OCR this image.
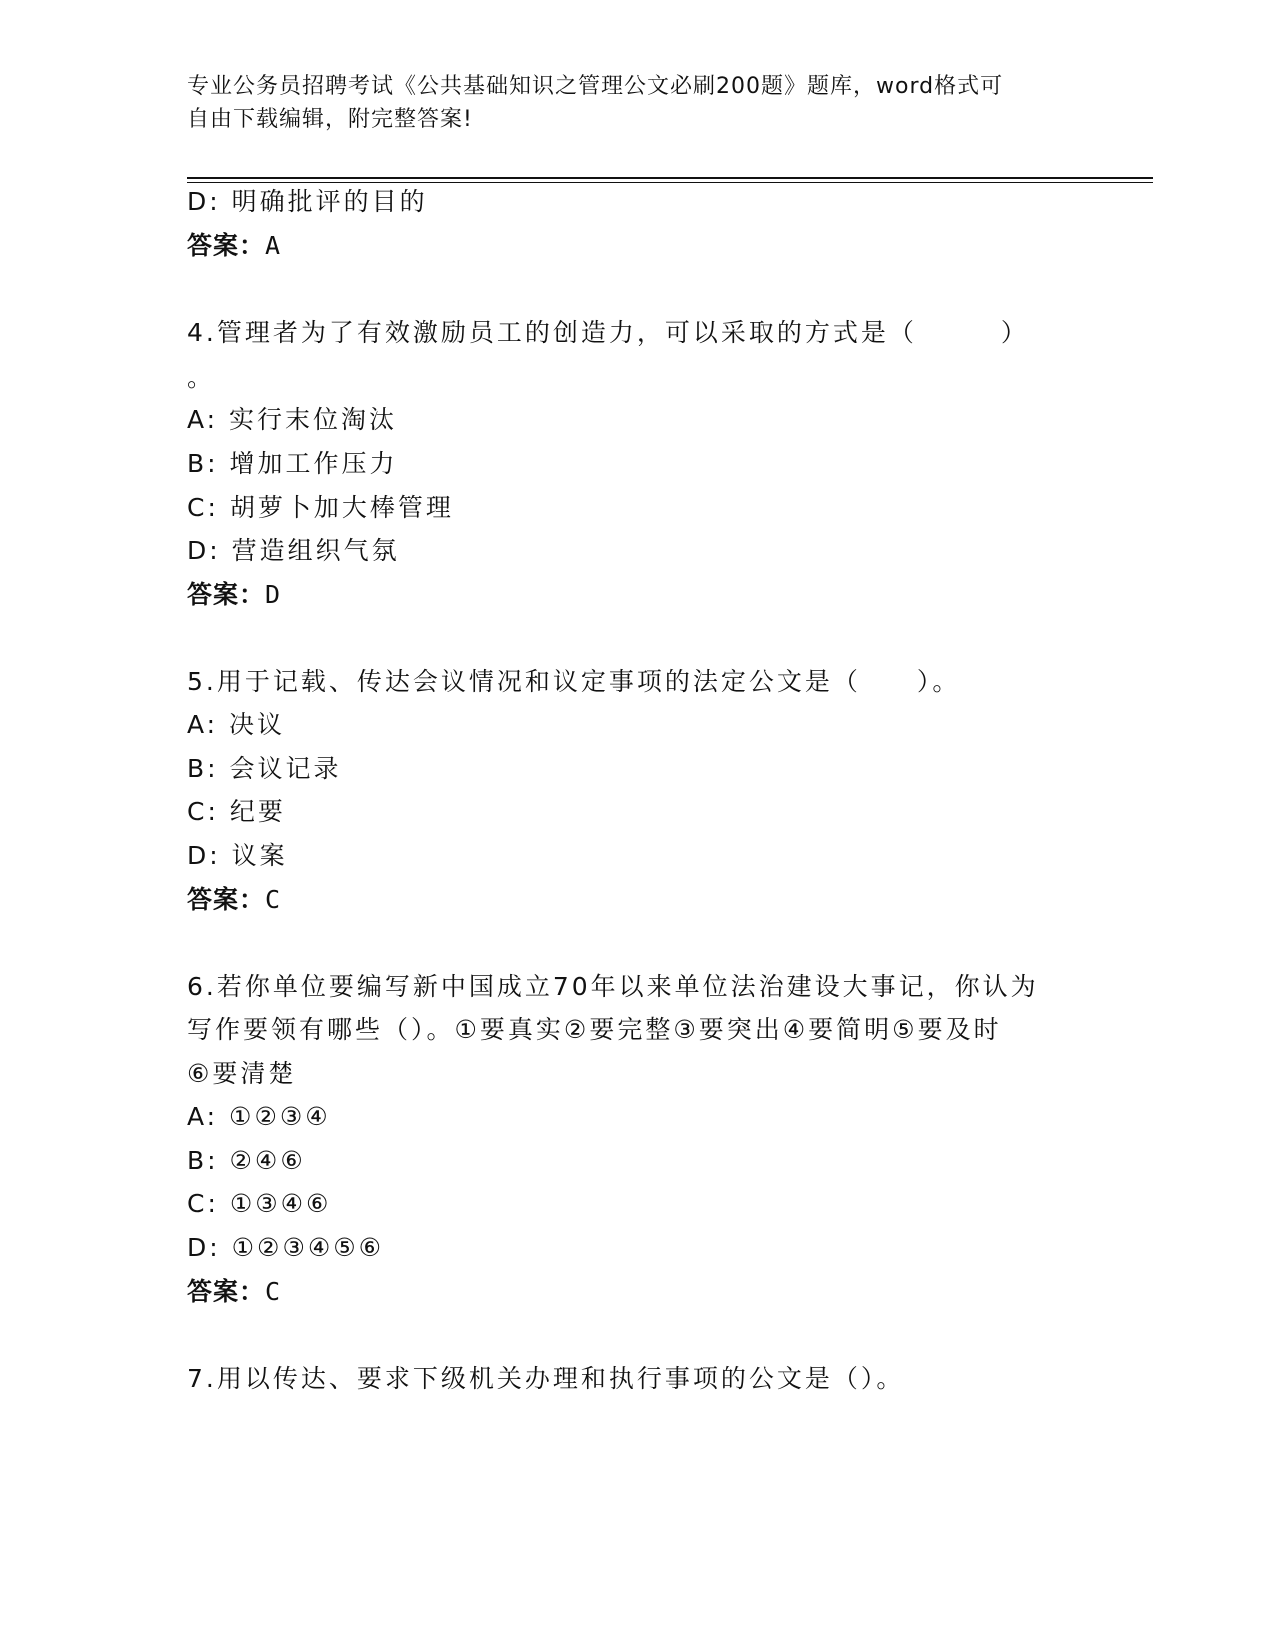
专业公务员招聘考试《公共基础知识之管理公文必刷200题》题库，word格式可
自由下载编辑，附完整答案!
D: 明确批评的目的
答案：A
4.管理者为了有效激励员工的创造力，可以采取的方式是（　　　）
。
A: 实行末位淘汰
B: 增加工作压力
C: 胡萝卜加大棒管理
D: 营造组织气氛
答案：D
5.用于记载、传达会议情况和议定事项的法定公文是（　　）。
A: 决议
B: 会议记录
C: 纪要
D: 议案
答案：C
6.若你单位要编写新中国成立70年以来单位法治建设大事记，你认为
写作要领有哪些（）。①要真实②要完整③要突出④要简明⑤要及时
⑥要清楚
A: ①②③④
B: ②④⑥
C: ①③④⑥
D: ①②③④⑤⑥
答案：C
7.用以传达、要求下级机关办理和执行事项的公文是（）。
